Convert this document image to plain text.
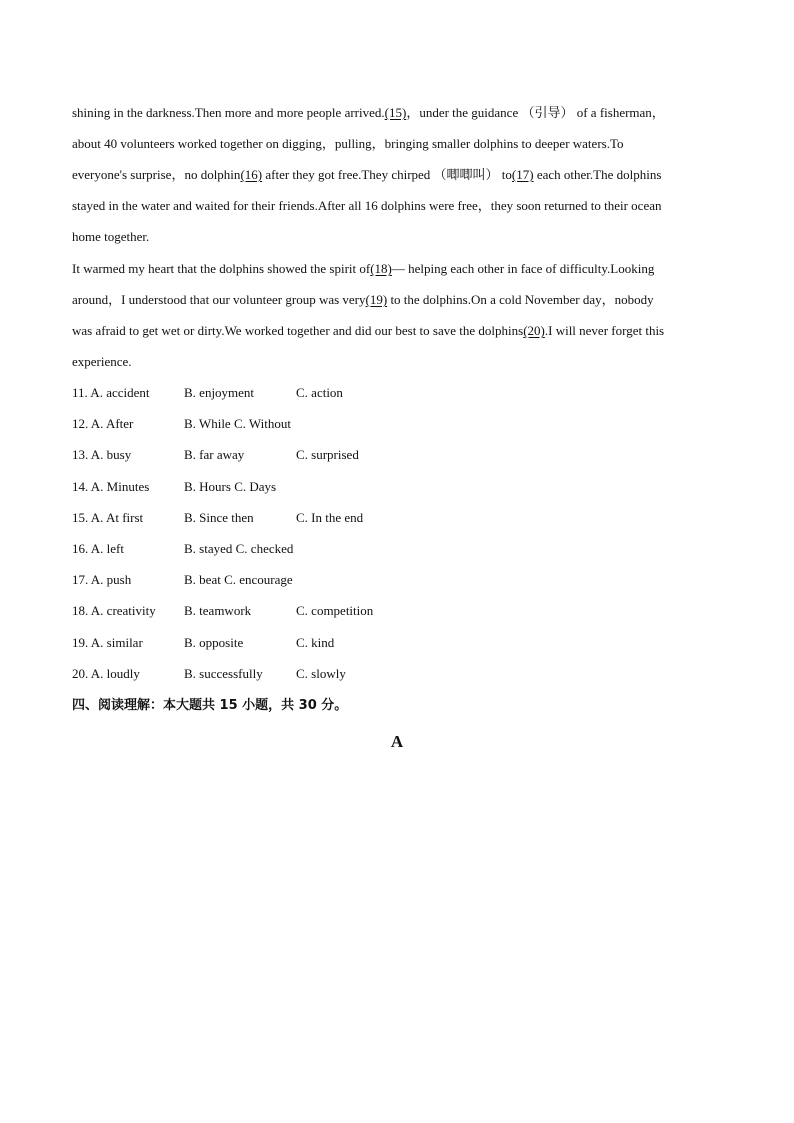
shining in the darkness.Then more and more people arrived.(15)，under the guidance （引导） of a fisherman，
about 40 volunteers worked together on digging，pulling，bringing smaller dolphins to deeper waters.To
everyone's surprise，no dolphin(16) after they got free.They chirped （唧唧叫） to(17) each other.The dolphins
stayed in the water and waited for their friends.After all 16 dolphins were free，they soon returned to their ocean
home together.
It warmed my heart that the dolphins showed the spirit of(18)— helping each other in face of difficulty.Looking
around，I understood that our volunteer group was very(19) to the dolphins.On a cold November day，nobody
was afraid to get wet or dirty.We worked together and did our best to save the dolphins(20).I will never forget this
experience.
11. A. accident	B. enjoyment	C. action
12. A. After	B. While C. Without
13. A. busy	B. far away	C. surprised
14. A. Minutes	B. Hours C. Days
15. A. At first	B. Since then	C. In the end
16. A. left	B. stayed C. checked
17. A. push	B. beat C. encourage
18. A. creativity B. teamwork	C. competition
19. A. similar	B. opposite	C. kind
20. A. loudly	B. successfully	C. slowly
四、阅读理解：本大题共 15 小题，共 30 分。
A
